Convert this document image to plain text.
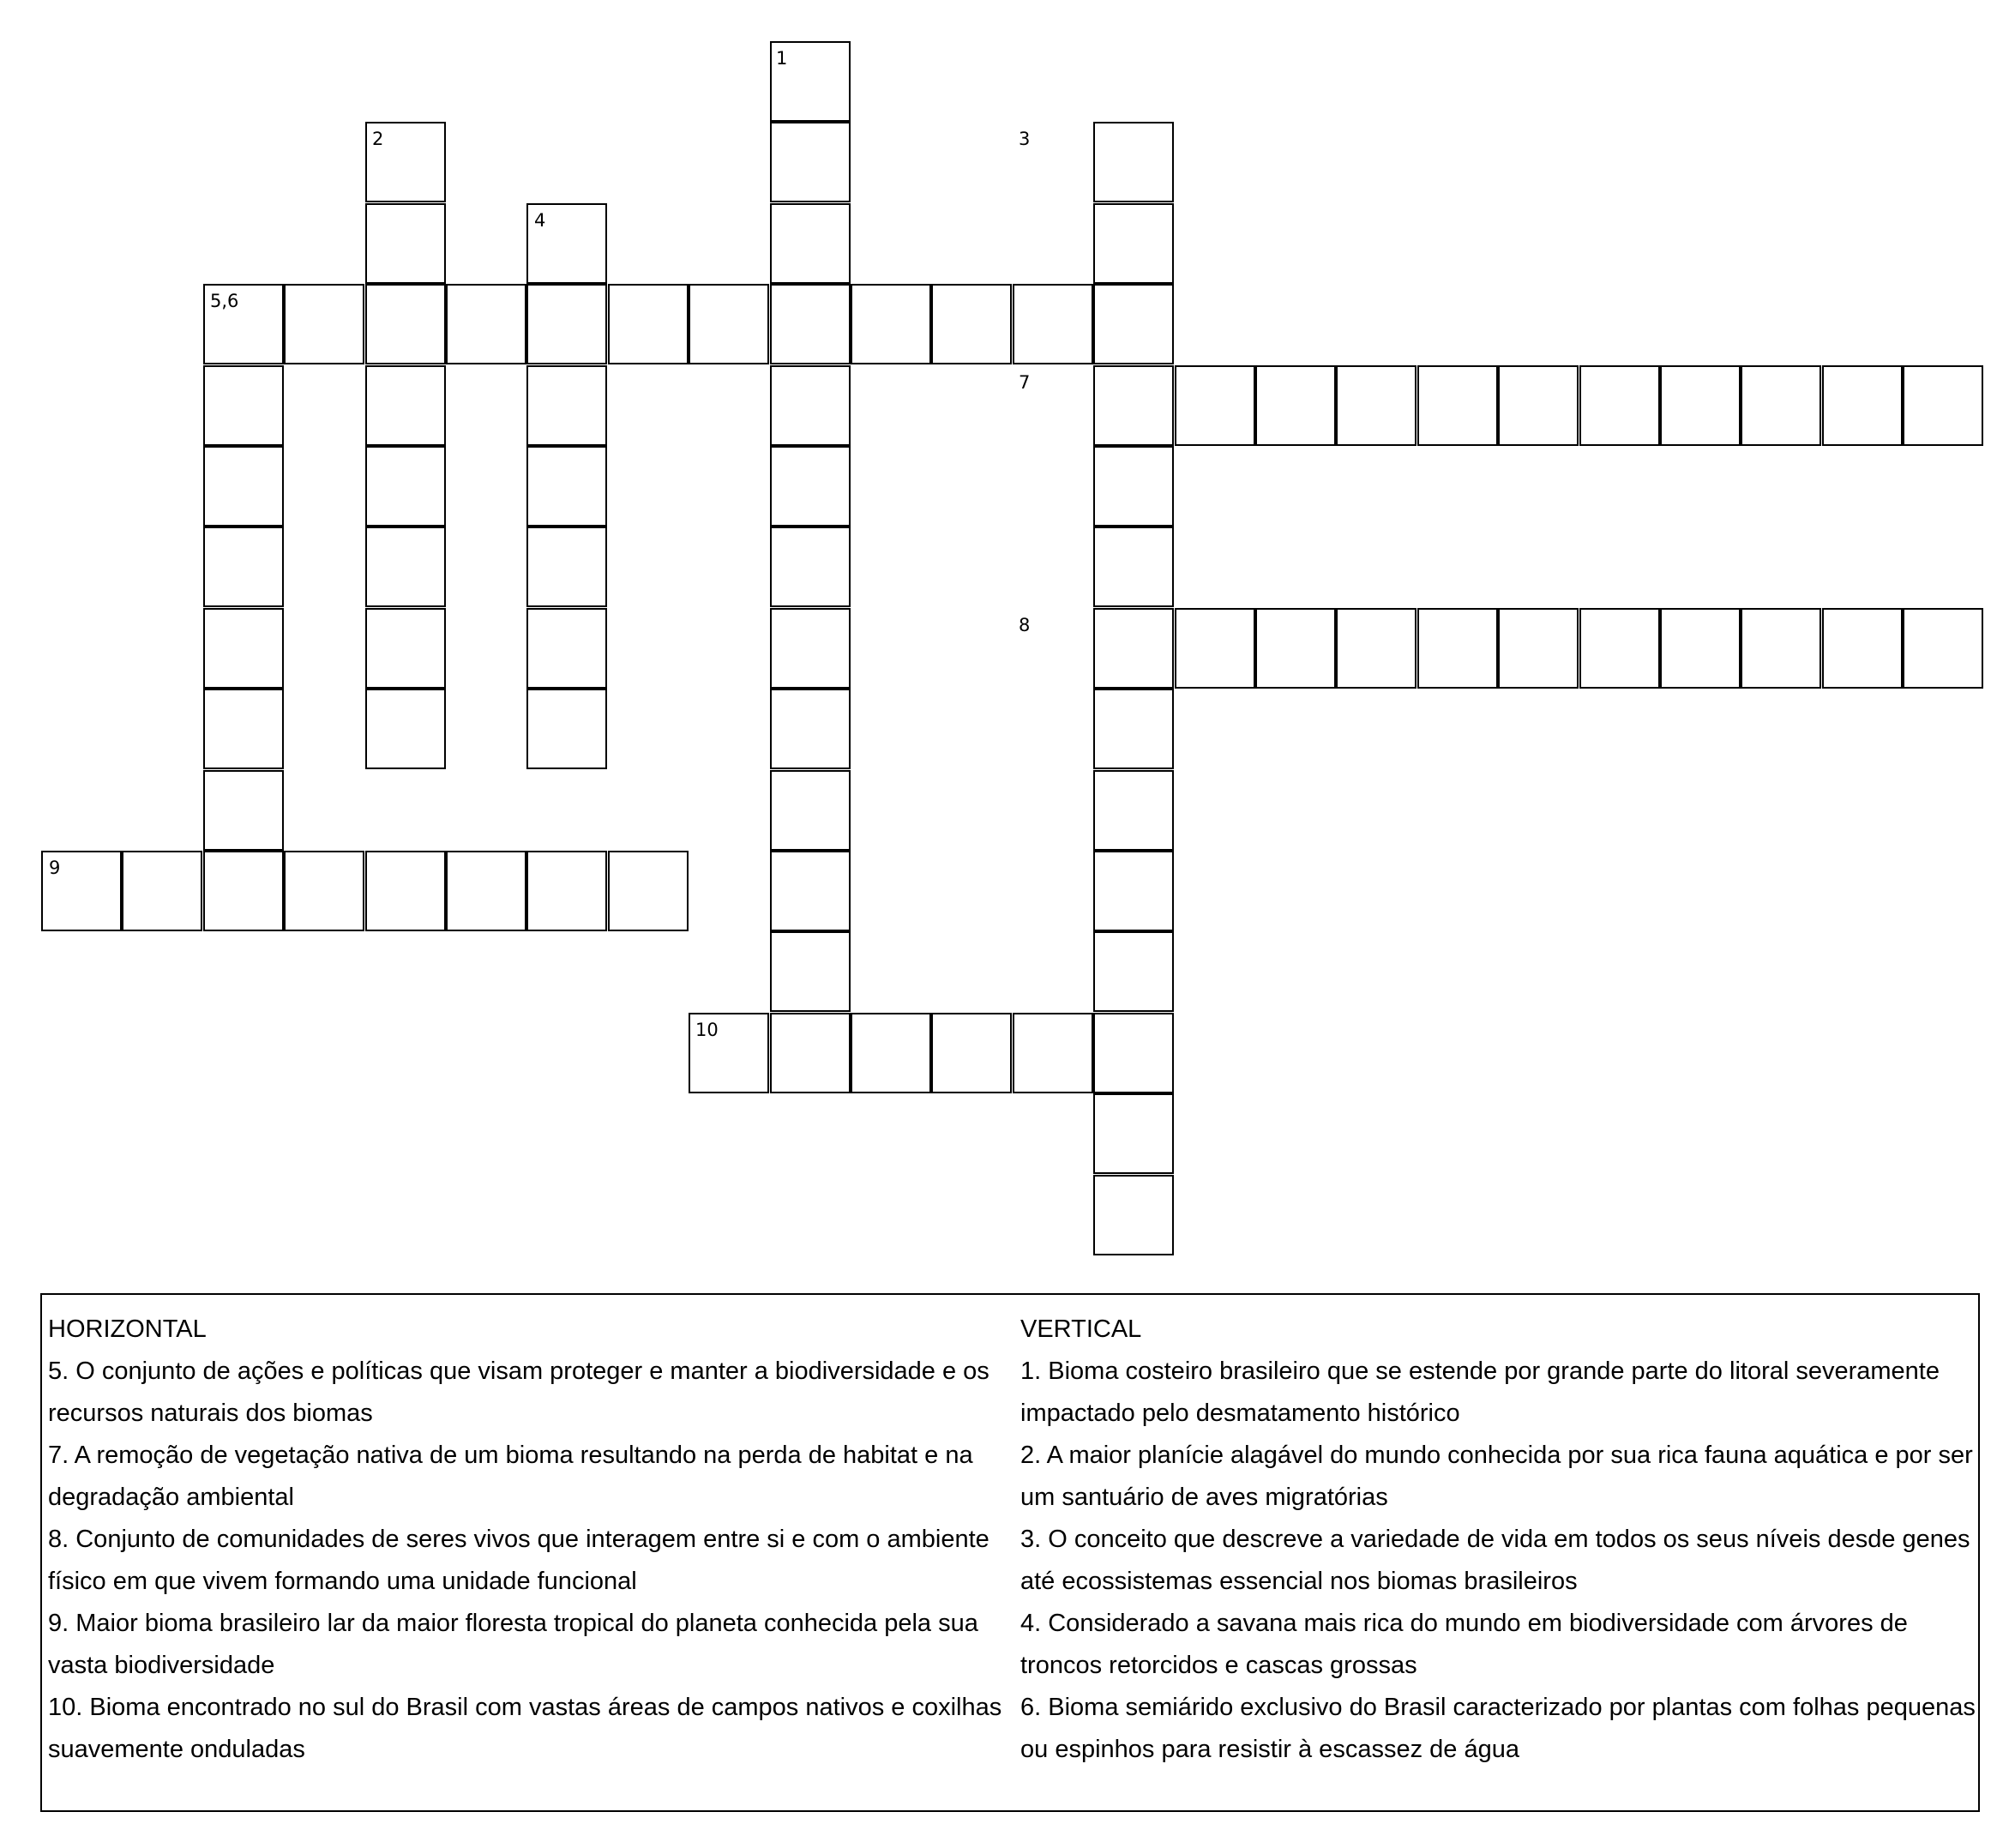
1
2	3
4
5,6
7
8
9
10

HORIZONTAL

5. O conjunto de ações e políticas que visam proteger e manter a biodiversidade e os recursos naturais dos biomas

7. A remoção de vegetação nativa de um bioma resultando na perda de habitat e na degradação ambiental

8. Conjunto de comunidades de seres vivos que interagem entre si e com o ambiente físico em que vivem formando uma unidade funcional

9. Maior bioma brasileiro lar da maior floresta tropical do planeta conhecida pela sua vasta biodiversidade

10. Bioma encontrado no sul do Brasil com vastas áreas de campos nativos e coxilhas suavemente onduladas

VERTICAL

1. Bioma costeiro brasileiro que se estende por grande parte do litoral severamente impactado pelo desmatamento histórico

2. A maior planície alagável do mundo conhecida por sua rica fauna aquática e por ser um santuário de aves migratórias

3. O conceito que descreve a variedade de vida em todos os seus níveis desde genes até ecossistemas essencial nos biomas brasileiros

4. Considerado a savana mais rica do mundo em biodiversidade com árvores de troncos retorcidos e cascas grossas

6. Bioma semiárido exclusivo do Brasil caracterizado por plantas com folhas pequenas ou espinhos para resistir à escassez de água
